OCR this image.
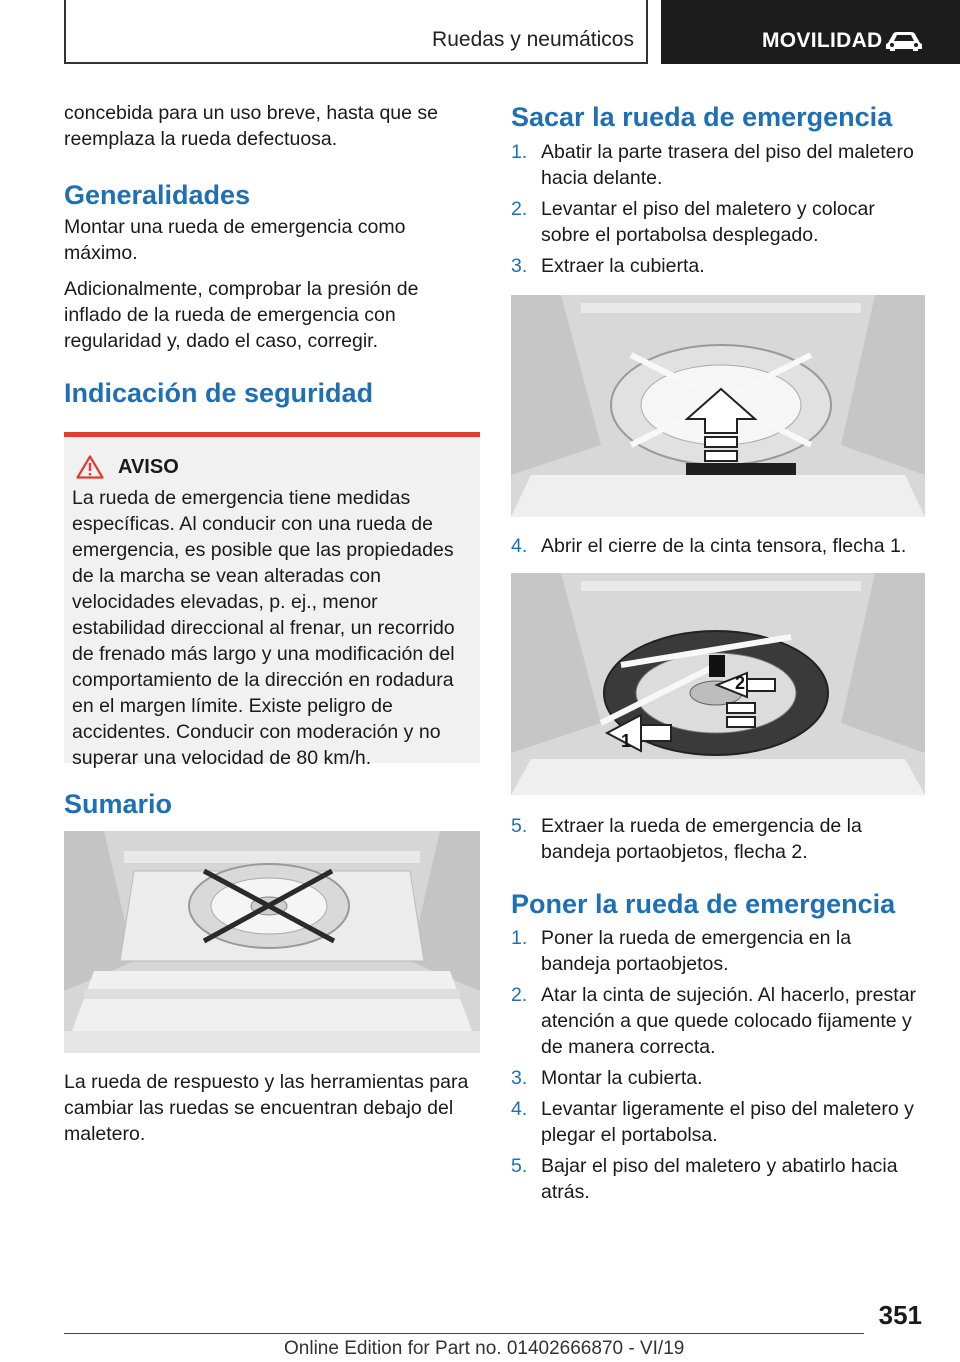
Ruedas y neumáticos	MOVILIDAD

concebida para un uso breve, hasta que se reemplaza la rueda defectuosa.

Generalidades

Montar una rueda de emergencia como máximo.

Adicionalmente, comprobar la presión de inflado de la rueda de emergencia con regularidad y, dado el caso, corregir.

Indicación de seguridad
AVISO

La rueda de emergencia tiene medidas específicas. Al conducir con una rueda de emergencia, es posible que las propiedades de la marcha se vean alteradas con velocidades elevadas, p. ej., menor estabilidad direccional al frenar, un recorrido de frenado más largo y una modificación del comportamiento de la dirección en rodadura en el margen límite. Existe peligro de accidentes. Conducir con moderación y no superar una velocidad de 80 km/h.

Sumario

La rueda de respuesto y las herramientas para cambiar las ruedas se encuentran debajo del maletero.

Sacar la rueda de emergencia
1. Abatir la parte trasera del piso del maletero hacia delante.
2. Levantar el piso del maletero y colocar sobre el portabolsa desplegado.
3. Extraer la cubierta.
4. Abrir el cierre de la cinta tensora, flecha 1.
2
1
5. Extraer la rueda de emergencia de la bandeja portaobjetos, flecha 2.
Poner la rueda de emergencia
1. Poner la rueda de emergencia en la bandeja portaobjetos.
2. Atar la cinta de sujeción. Al hacerlo, prestar atención a que quede colocado fijamente y de manera correcta.
3. Montar la cubierta.
4. Levantar ligeramente el piso del maletero y plegar el portabolsa.
5. Bajar el piso del maletero y abatirlo hacia atrás.
351
Online Edition for Part no. 01402666870 - VI/19
